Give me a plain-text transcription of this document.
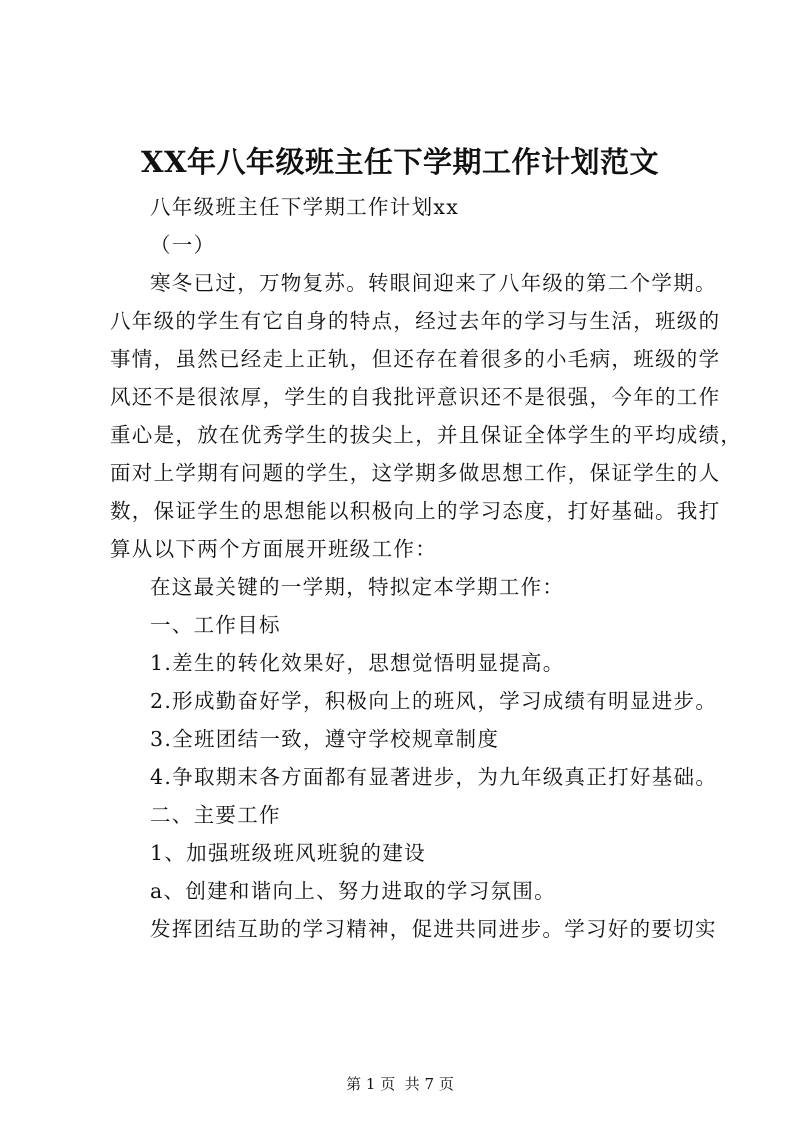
XX年八年级班主任下学期工作计划范文
八年级班主任下学期工作计划xx
（一）
寒冬已过，万物复苏。转眼间迎来了八年级的第二个学期。
八年级的学生有它自身的特点，经过去年的学习与生活，班级的
事情，虽然已经走上正轨，但还存在着很多的小毛病，班级的学
风还不是很浓厚，学生的自我批评意识还不是很强，今年的工作
重心是，放在优秀学生的拔尖上，并且保证全体学生的平均成绩，
面对上学期有问题的学生，这学期多做思想工作，保证学生的人
数，保证学生的思想能以积极向上的学习态度，打好基础。我打
算从以下两个方面展开班级工作：
在这最关键的一学期，特拟定本学期工作：
一、工作目标
1.差生的转化效果好，思想觉悟明显提高。
2.形成勤奋好学，积极向上的班风，学习成绩有明显进步。
3.全班团结一致，遵守学校规章制度
4.争取期末各方面都有显著进步，为九年级真正打好基础。
二、主要工作
1、加强班级班风班貌的建设
a、创建和谐向上、努力进取的学习氛围。
发挥团结互助的学习精神，促进共同进步。学习好的要切实
第 1 页  共 7 页
